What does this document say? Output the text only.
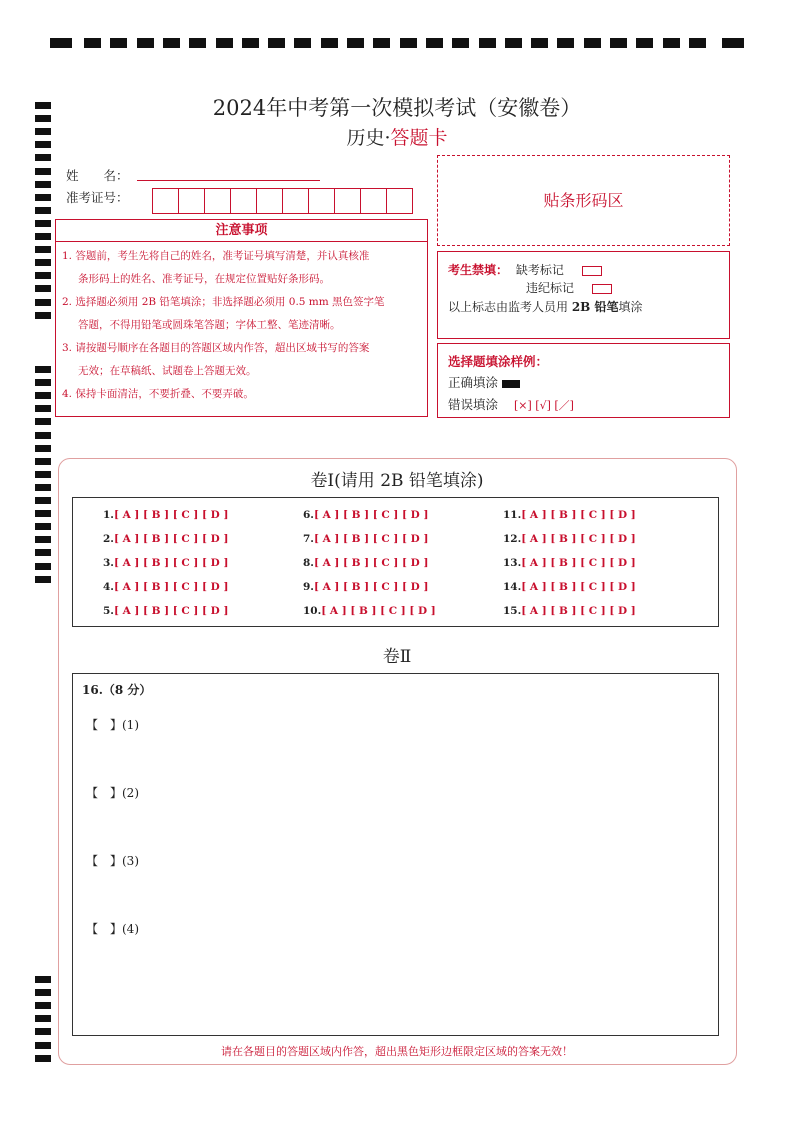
2024年中考第一次模拟考试（安徽卷）
历史·答题卡
姓　　名：
准考证号：
注意事项
1. 答题前，考生先将自己的姓名，准考证号填写清楚，并认真核准
条形码上的姓名、准考证号，在规定位置贴好条形码。
2. 选择题必须用 2B 铅笔填涂；非选择题必须用 0.5 mm 黑色签字笔
答题，不得用铅笔或圆珠笔答题；字体工整、笔迹清晰。
3. 请按题号顺序在各题目的答题区域内作答，超出区域书写的答案
无效；在草稿纸、试题卷上答题无效。
4. 保持卡面清洁，不要折叠、不要弄破。
贴条形码区
考生禁填： 缺考标记
违纪标记
以上标志由监考人员用 2B 铅笔填涂
选择题填涂样例：
正确填涂
错误填涂 [×] [√] [／]
卷Ⅰ(请用 2B 铅笔填涂)
1.[ A ] [ B ] [ C ] [ D ]
2.[ A ] [ B ] [ C ] [ D ]
3.[ A ] [ B ] [ C ] [ D ]
4.[ A ] [ B ] [ C ] [ D ]
5.[ A ] [ B ] [ C ] [ D ]
6.[ A ] [ B ] [ C ] [ D ]
7.[ A ] [ B ] [ C ] [ D ]
8.[ A ] [ B ] [ C ] [ D ]
9.[ A ] [ B ] [ C ] [ D ]
10.[ A ] [ B ] [ C ] [ D ]
11.[ A ] [ B ] [ C ] [ D ]
12.[ A ] [ B ] [ C ] [ D ]
13.[ A ] [ B ] [ C ] [ D ]
14.[ A ] [ B ] [ C ] [ D ]
15.[ A ] [ B ] [ C ] [ D ]
卷Ⅱ
16.（8 分）
【　】(1)
【　】(2)
【　】(3)
【　】(4)
请在各题目的答题区域内作答，超出黑色矩形边框限定区域的答案无效！
